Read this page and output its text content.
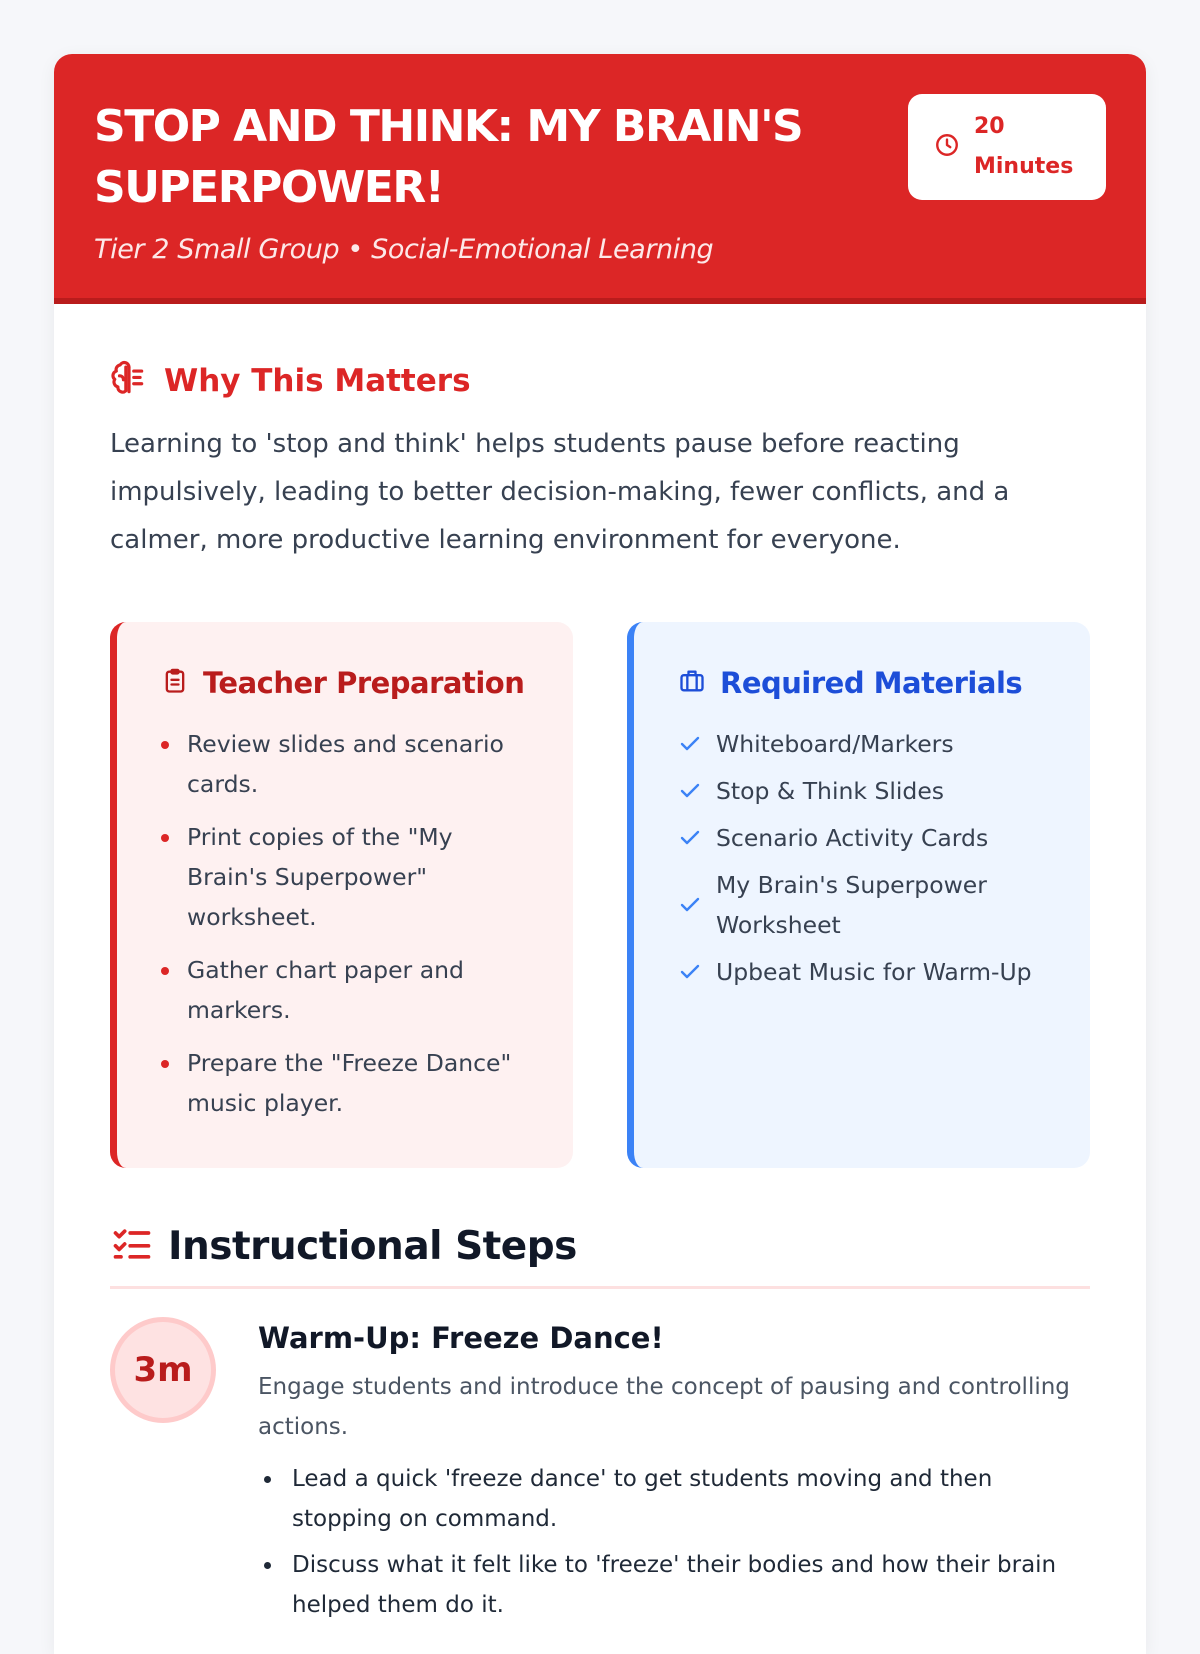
STOP AND THINK: MY BRAIN'S SUPERPOWER!
Tier 2 Small Group • Social-Emotional Learning
20
Minutes
Why This Matters
Learning to 'stop and think' helps students pause before reacting impulsively, leading to better decision-making, fewer conflicts, and a calmer, more productive learning environment for everyone.
Teacher Preparation
Review slides and scenario cards.
Print copies of the "My Brain's Superpower" worksheet.
Gather chart paper and markers.
Prepare the "Freeze Dance" music player.
Required Materials
Whiteboard/Markers
Stop & Think Slides
Scenario Activity Cards
My Brain's Superpower Worksheet
Upbeat Music for Warm-Up
Instructional Steps
3m
Warm-Up: Freeze Dance!
Engage students and introduce the concept of pausing and controlling actions.
Lead a quick 'freeze dance' to get students moving and then stopping on command.
Discuss what it felt like to 'freeze' their bodies and how their brain helped them do it.
